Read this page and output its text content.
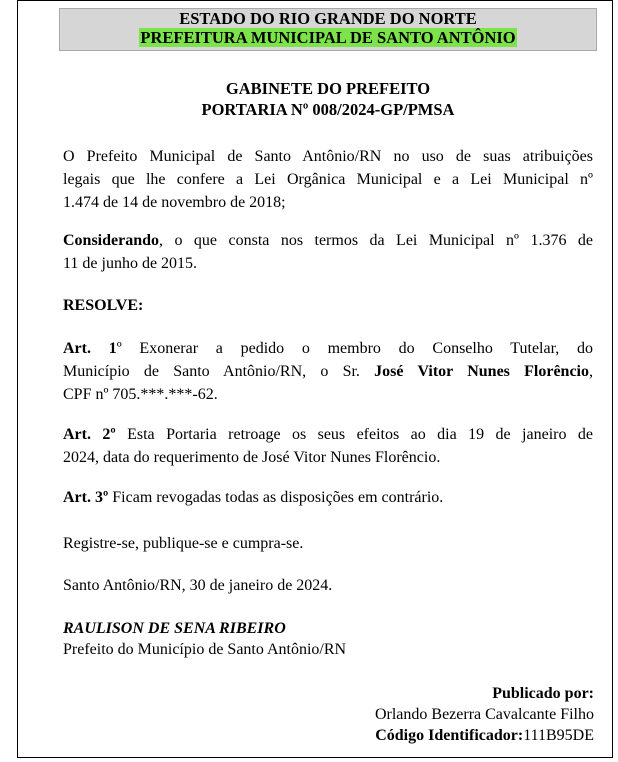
ESTADO DO RIO GRANDE DO NORTE
PREFEITURA MUNICIPAL DE SANTO ANTÔNIO
GABINETE DO PREFEITO
PORTARIA Nº 008/2024-GP/PMSA
O Prefeito Municipal de Santo Antônio/RN no uso de suas atribuições
legais que lhe confere a Lei Orgânica Municipal e a Lei Municipal nº
1.474 de 14 de novembro de 2018;
Considerando, o que consta nos termos da Lei Municipal nº 1.376 de
11 de junho de 2015.
RESOLVE:
Art. 1º Exonerar a pedido o membro do Conselho Tutelar, do
Município de Santo Antônio/RN, o Sr. José Vitor Nunes Florêncio,
CPF nº 705.***.***-62.
Art. 2º Esta Portaria retroage os seus efeitos ao dia 19 de janeiro de
2024, data do requerimento de José Vitor Nunes Florêncio.
Art. 3º Ficam revogadas todas as disposições em contrário.
Registre-se, publique-se e cumpra-se.
Santo Antônio/RN, 30 de janeiro de 2024.
RAULISON DE SENA RIBEIRO
Prefeito do Município de Santo Antônio/RN
Publicado por:
Orlando Bezerra Cavalcante Filho
Código Identificador:111B95DE
